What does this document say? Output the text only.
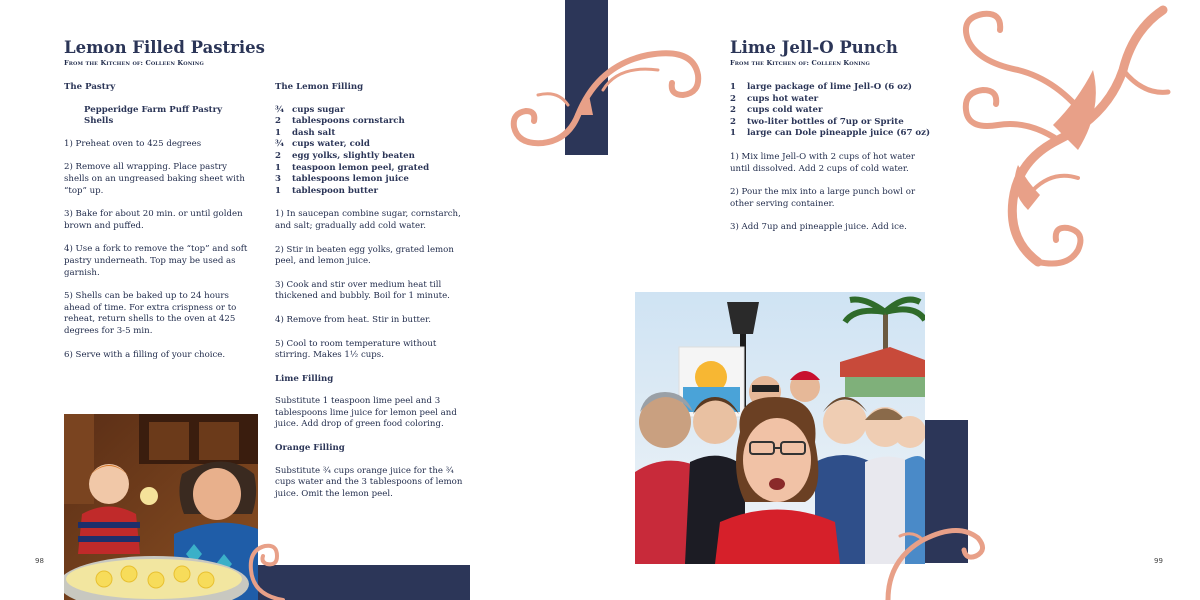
Lemon Filled Pastries
From the Kitchen of: Colleen Koning
The Pastry
Pepperidge Farm Puff Pastry Shells

1) Preheat oven to 425 degrees

2) Remove all wrapping. Place pastry shells on an ungreased baking sheet with “top” up.

3) Bake for about 20 min. or until golden brown and puffed.

4) Use a fork to remove the “top” and soft pastry underneath. Top may be used as garnish.

5) Shells can be baked up to 24 hours ahead of time. For extra crispness or to reheat, return shells to the oven at 425 degrees for 3-5 min.

6) Serve with a filling of your choice.

The Lemon Filling
¾ cups sugar
2	tablespoons cornstarch
1	dash salt
¾ cups water, cold
2	egg yolks, slightly beaten
1	teaspoon lemon peel, grated
3	tablespoons lemon juice
1	tablespoon butter

1) In saucepan combine sugar, cornstarch, and salt; gradually add cold water.

2) Stir in beaten egg yolks, grated lemon peel, and lemon juice.

3) Cook and stir over medium heat till thickened and bubbly. Boil for 1 minute.

4) Remove from heat. Stir in butter.

5) Cool to room temperature without stirring. Makes 1½ cups.

Lime Filling

Substitute 1 teaspoon lime peel and 3 tablespoons lime juice for lemon peel and juice. Add drop of green food coloring.

Orange Filling

Substitute ¾ cups orange juice for the ¾ cups water and the 3 tablespoons of lemon juice. Omit the lemon peel.

98
Lime Jell-O Punch
From the Kitchen of: Colleen Koning
1	large package of lime Jell-O (6 oz)
2	cups hot water
2	cups cold water
2	two-liter bottles of 7up or Sprite
1	large can Dole pineapple juice (67 oz)

1) Mix lime Jell-O with 2 cups of hot water until dissolved. Add 2 cups of cold water.

2) Pour the mix into a large punch bowl or other serving container.

3) Add 7up and pineapple juice. Add ice.

99
